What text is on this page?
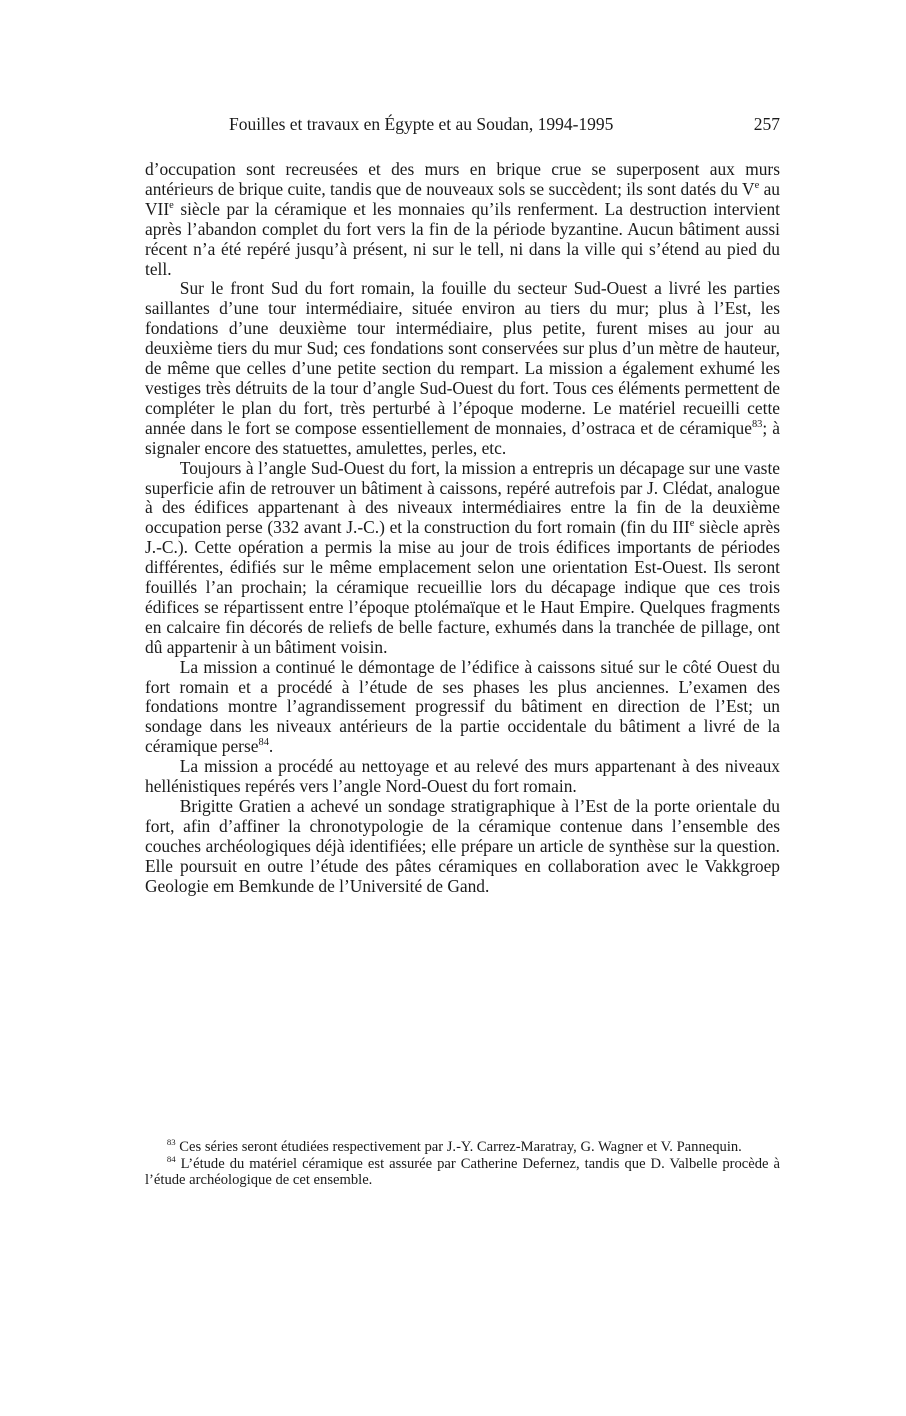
Fouilles et travaux en Égypte et au Soudan, 1994-1995	257

d’occupation sont recreusées et des murs en brique crue se superposent aux murs antérieurs de brique cuite, tandis que de nouveaux sols se succèdent; ils sont datés du Ve au VIIe siècle par la céramique et les monnaies qu’ils renferment. La destruction intervient après l’abandon complet du fort vers la fin de la période byzantine. Aucun bâtiment aussi récent n’a été repéré jusqu’à présent, ni sur le tell, ni dans la ville qui s’étend au pied du tell.

Sur le front Sud du fort romain, la fouille du secteur Sud-Ouest a livré les parties saillantes d’une tour intermédiaire, située environ au tiers du mur; plus à l’Est, les fondations d’une deuxième tour intermédiaire, plus petite, furent mises au jour au deuxième tiers du mur Sud; ces fondations sont conservées sur plus d’un mètre de hauteur, de même que celles d’une petite section du rempart. La mission a également exhumé les vestiges très détruits de la tour d’angle Sud-Ouest du fort. Tous ces éléments permettent de compléter le plan du fort, très perturbé à l’époque moderne. Le matériel recueilli cette année dans le fort se compose essentiellement de monnaies, d’ostraca et de céramique$^{83}$; à signaler encore des statuettes, amulettes, perles, etc.

Toujours à l’angle Sud-Ouest du fort, la mission a entrepris un décapage sur une vaste superficie afin de retrouver un bâtiment à caissons, repéré autrefois par J. Clédat, analogue à des édifices appartenant à des niveaux intermédiaires entre la fin de la deuxième occupation perse (332 avant J.-C.) et la construction du fort romain (fin du IIIe siècle après J.-C.). Cette opération a permis la mise au jour de trois édifices importants de périodes différentes, édifiés sur le même emplacement selon une orientation Est-Ouest. Ils seront fouillés l’an prochain; la céramique recueillie lors du décapage indique que ces trois édifices se répartissent entre l’époque ptolémaïque et le Haut Empire. Quelques fragments en calcaire fin décorés de reliefs de belle facture, exhumés dans la tranchée de pillage, ont dû appartenir à un bâtiment voisin.

La mission a continué le démontage de l’édifice à caissons situé sur le côté Ouest du fort romain et a procédé à l’étude de ses phases les plus anciennes. L’examen des fondations montre l’agrandissement progressif du bâtiment en direction de l’Est; un sondage dans les niveaux antérieurs de la partie occidentale du bâtiment a livré de la céramique perse$^{84}$.

La mission a procédé au nettoyage et au relevé des murs appartenant à des niveaux hellénistiques repérés vers l’angle Nord-Ouest du fort romain.

Brigitte Gratien a achevé un sondage stratigraphique à l’Est de la porte orientale du fort, afin d’affiner la chronotypologie de la céramique contenue dans l’ensemble des couches archéologiques déjà identifiées; elle prépare un article de synthèse sur la question. Elle poursuit en outre l’étude des pâtes céramiques en collaboration avec le Vakkgroep Geologie em Bemkunde de l’Université de Gand.

$^{83}$ Ces séries seront étudiées respectivement par J.-Y. Carrez-Maratray, G. Wagner et V. Pannequin.

$^{84}$ L’étude du matériel céramique est assurée par Catherine Defernez, tandis que D. Valbelle procède à l’étude archéologique de cet ensemble.
